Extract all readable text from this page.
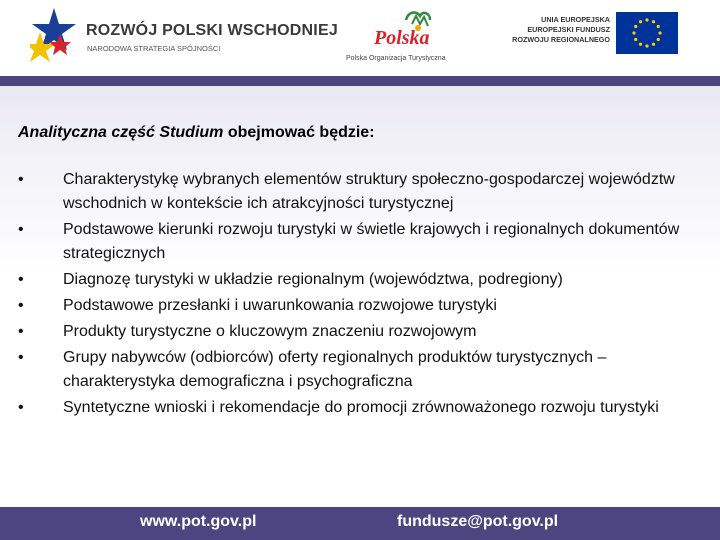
ROZWÓJ POLSKI WSCHODNIEJ
NARODOWA STRATEGIA SPÓJNOŚCI	Polska
Polska Organizacja Turystyczna
UNIA EUROPEJSKA
EUROPEJSKI FUNDUSZ
ROZWOJU REGIONALNEGO
Analityczna część Studium obejmować będzie:
•	Charakterystykę wybranych elementów struktury społeczno-gospodarczej województw wschodnich w kontekście ich atrakcyjności turystycznej
•	Podstawowe kierunki rozwoju turystyki w świetle krajowych i regionalnych dokumentów strategicznych
•	Diagnozę turystyki w układzie regionalnym (województwa, podregiony)
•	Podstawowe przesłanki i uwarunkowania rozwojowe turystyki
•	Produkty turystyczne o kluczowym znaczeniu rozwojowym
•	Grupy nabywców (odbiorców) oferty regionalnych produktów turystycznych – charakterystyka demograficzna i psychograficzna
•	Syntetyczne wnioski i rekomendacje do promocji zrównoważonego rozwoju turystyki
www.pot.gov.pl	fundusze@pot.gov.pl
